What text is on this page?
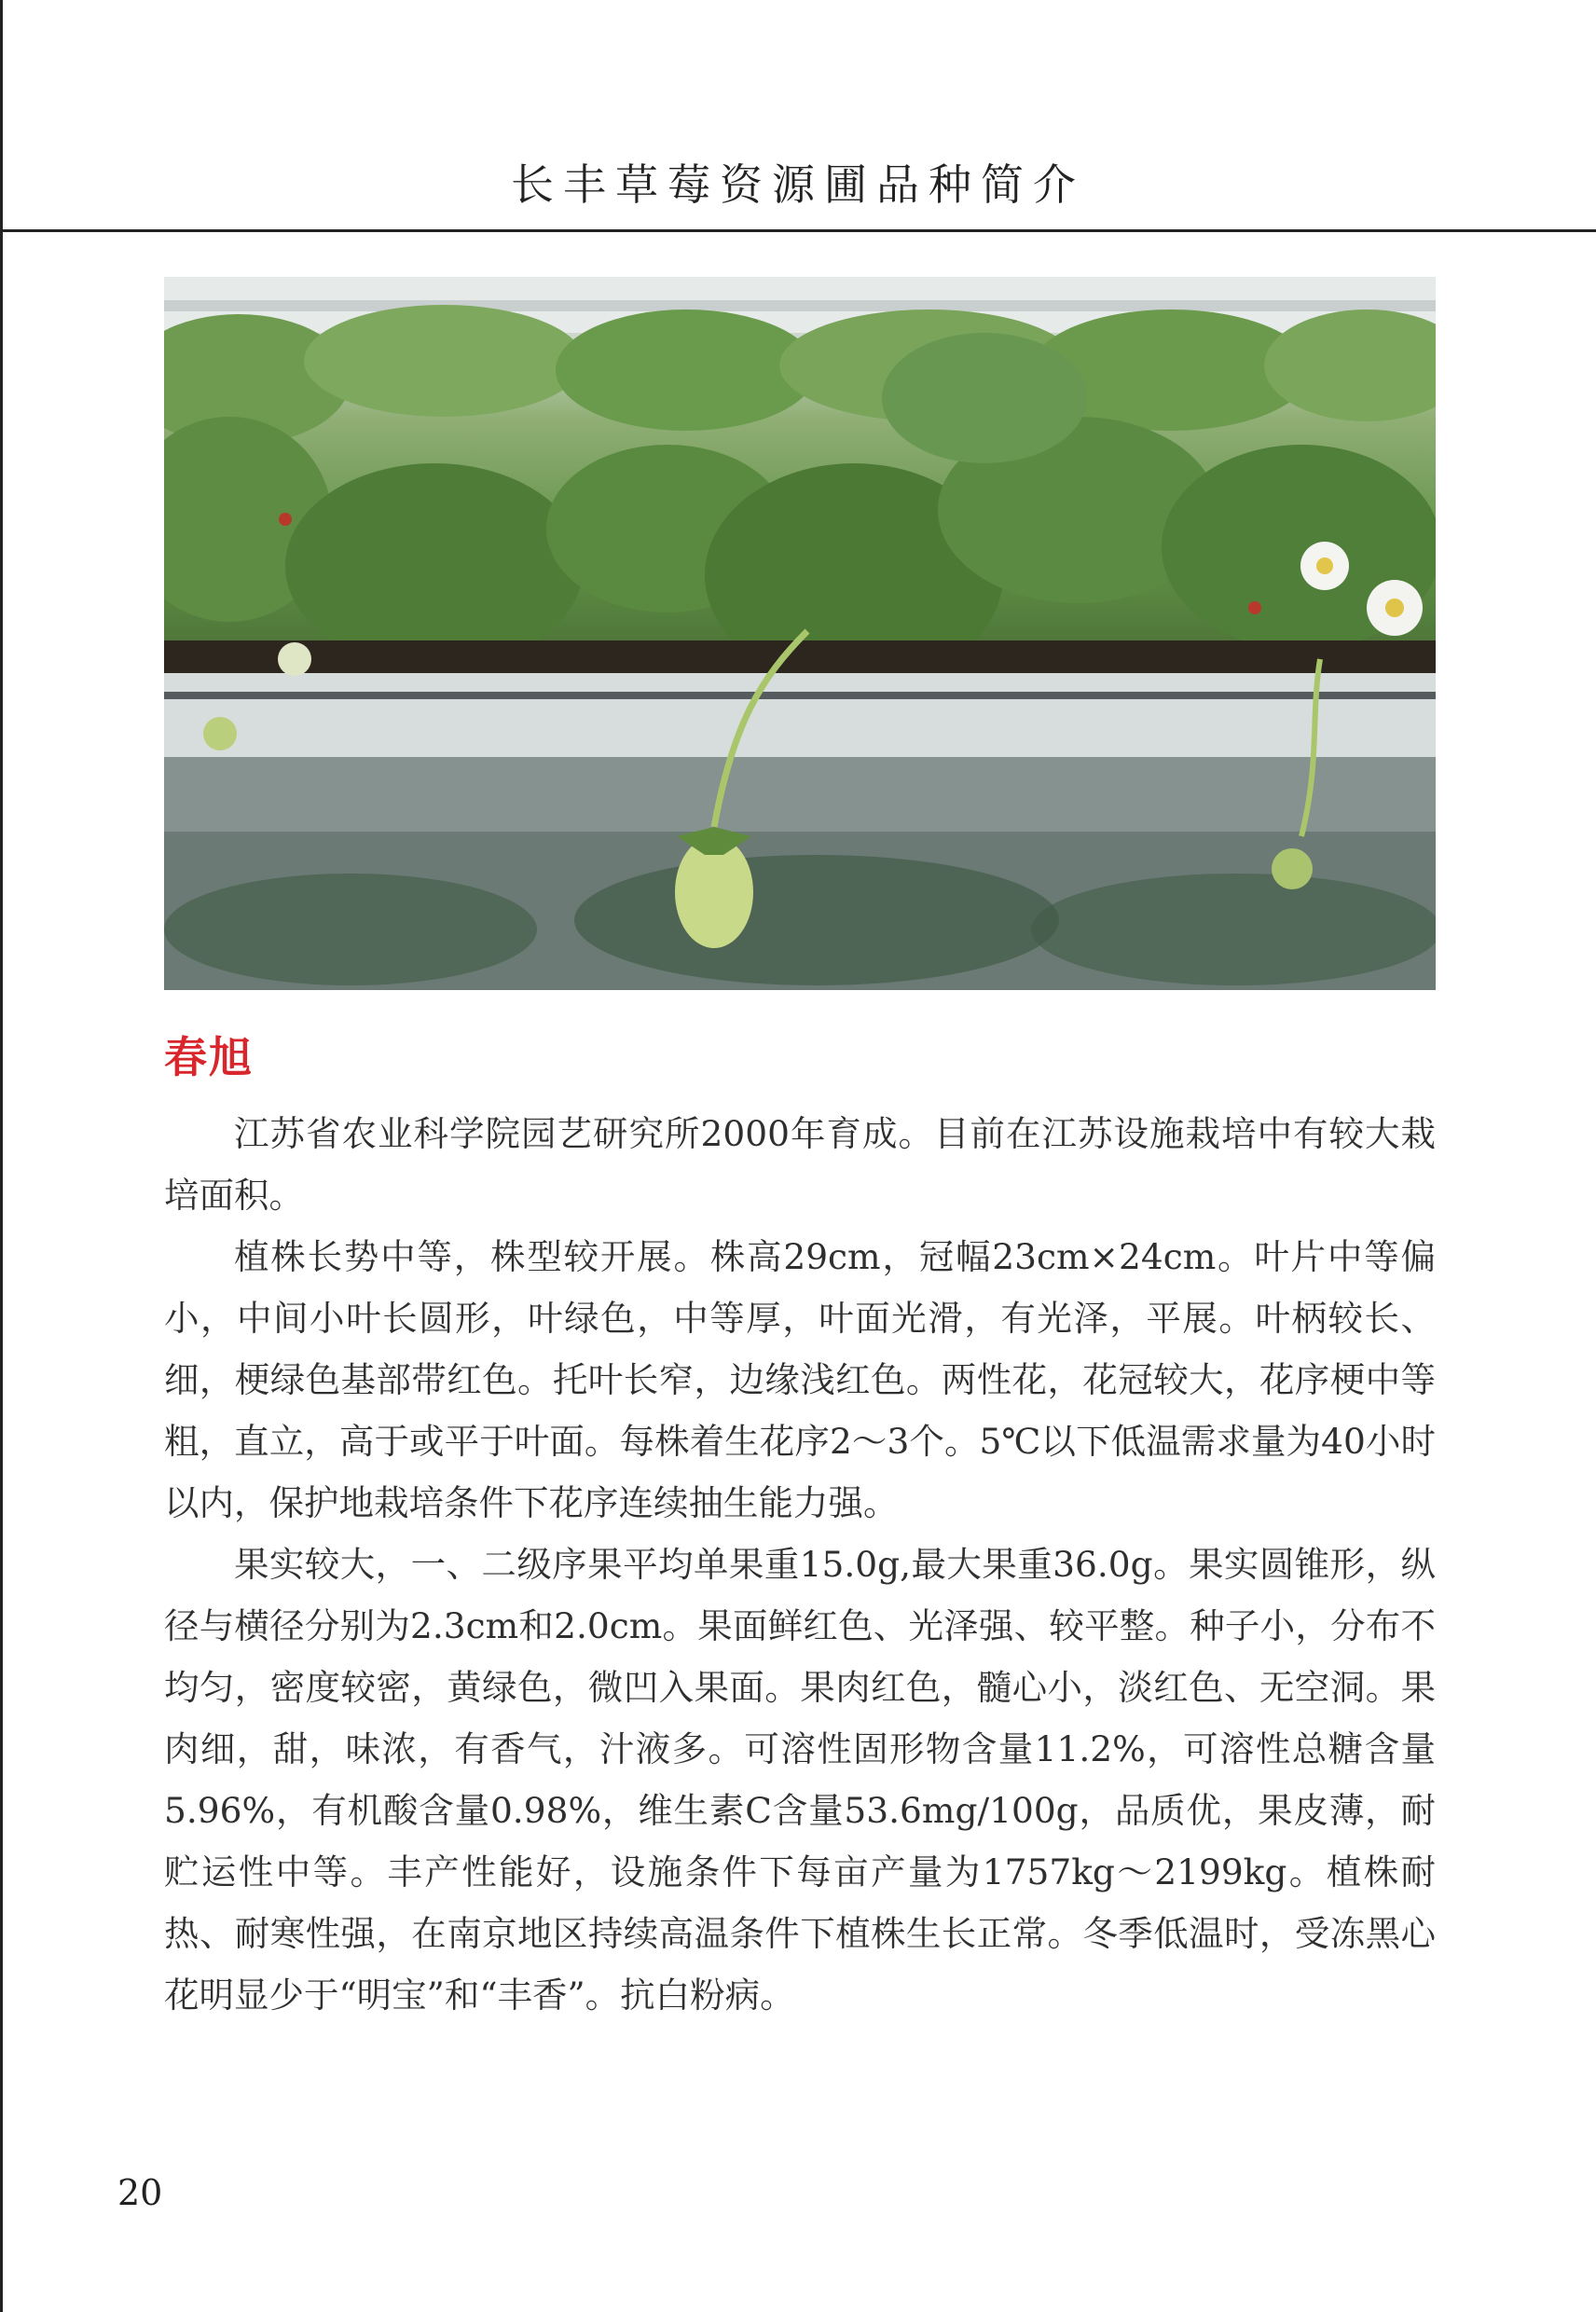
长丰草莓资源圃品种简介
春旭

江苏省农业科学院园艺研究所2000年育成。目前在江苏设施栽培中有较大栽培面积。

植株长势中等，株型较开展。株高29cm，冠幅23cm×24cm。叶片中等偏小，中间小叶长圆形，叶绿色，中等厚，叶面光滑，有光泽，平展。叶柄较长、细，梗绿色基部带红色。托叶长窄，边缘浅红色。两性花，花冠较大，花序梗中等粗，直立，高于或平于叶面。每株着生花序2～3个。5℃以下低温需求量为40小时以内，保护地栽培条件下花序连续抽生能力强。

果实较大，一、二级序果平均单果重15.0g,最大果重36.0g。果实圆锥形，纵径与横径分别为2.3cm和2.0cm。果面鲜红色、光泽强、较平整。种子小，分布不均匀，密度较密，黄绿色，微凹入果面。果肉红色，髓心小，淡红色、无空洞。果肉细，甜，味浓，有香气，汁液多。可溶性固形物含量11.2%，可溶性总糖含量5.96%，有机酸含量0.98%，维生素C含量53.6mg/100g，品质优，果皮薄，耐贮运性中等。丰产性能好，设施条件下每亩产量为1757kg～2199kg。植株耐热、耐寒性强，在南京地区持续高温条件下植株生长正常。冬季低温时，受冻黑心花明显少于“明宝”和“丰香”。抗白粉病。

20
